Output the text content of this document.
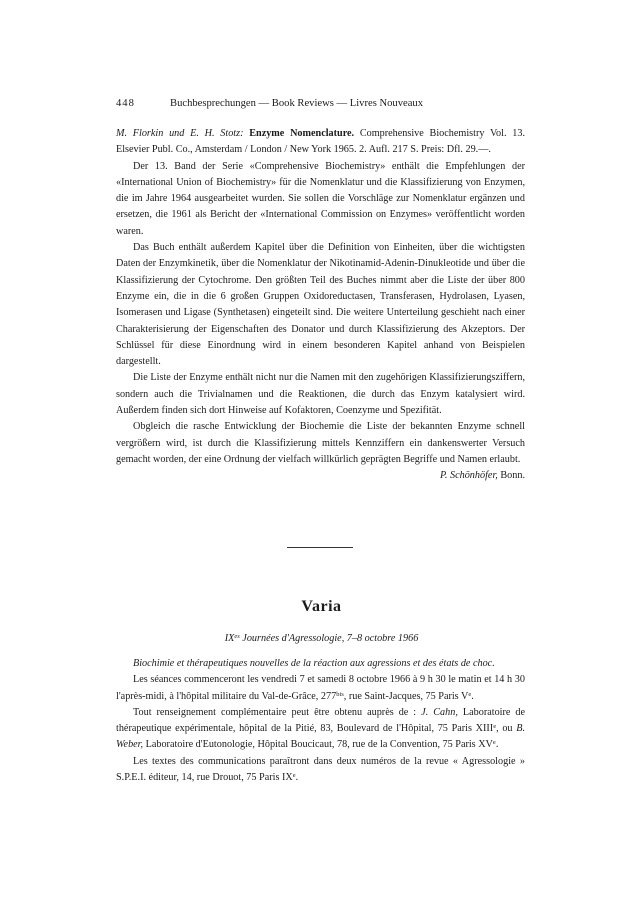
448	Buchbesprechungen — Book Reviews — Livres Nouveaux

M. Florkin und E. H. Stotz: Enzyme Nomenclature. Comprehensive Biochemistry Vol. 13. Elsevier Publ. Co., Amsterdam / London / New York 1965. 2. Aufl. 217 S. Preis: Dfl. 29.—.

Der 13. Band der Serie «Comprehensive Biochemistry» enthält die Empfehlungen der «International Union of Biochemistry» für die Nomenklatur und die Klassifizierung von Enzymen, die im Jahre 1964 ausgearbeitet wurden. Sie sollen die Vorschläge zur Nomenklatur ergänzen und ersetzen, die 1961 als Bericht der «International Commission on Enzymes» veröffentlicht worden waren.

Das Buch enthält außerdem Kapitel über die Definition von Einheiten, über die wichtigsten Daten der Enzymkinetik, über die Nomenklatur der Nikotinamid-Adenin-Dinukleotide und über die Klassifizierung der Cytochrome. Den größten Teil des Buches nimmt aber die Liste der über 800 Enzyme ein, die in die 6 großen Gruppen Oxidoreductasen, Transferasen, Hydrolasen, Lyasen, Isomerasen und Ligase (Synthetasen) eingeteilt sind. Die weitere Unterteilung geschieht nach einer Charakterisierung der Eigenschaften des Donator und durch Klassifizierung des Akzeptors. Der Schlüssel für diese Einordnung wird in einem besonderen Kapitel anhand von Beispielen dargestellt.

Die Liste der Enzyme enthält nicht nur die Namen mit den zugehörigen Klassifizierungsziffern, sondern auch die Trivialnamen und die Reaktionen, die durch das Enzym katalysiert wird. Außerdem finden sich dort Hinweise auf Kofaktoren, Coenzyme und Spezifität.

Obgleich die rasche Entwicklung der Biochemie die Liste der bekannten Enzyme schnell vergrößern wird, ist durch die Klassifizierung mittels Kennziffern ein dankenswerter Versuch gemacht worden, der eine Ordnung der vielfach willkürlich geprägten Begriffe und Namen erlaubt.

P. Schönhöfer, Bonn.
Varia
$IX^{es}$ Journées d'Agressologie, 7–8 octobre 1966

Biochimie et thérapeutiques nouvelles de la réaction aux agressions et des états de choc.

Les séances commenceront les vendredi 7 et samedi 8 octobre 1966 à 9 h 30 le matin et 14 h 30 l'après-midi, à l'hôpital militaire du Val-de-Grâce, $277^{bis}$, rue Saint-Jacques, 75 Paris Ve.

Tout renseignement complémentaire peut être obtenu auprès de : J. Cahn, Laboratoire de thérapeutique expérimentale, hôpital de la Pitié, 83, Boulevard de l'Hôpital, 75 Paris XIIIe, ou B. Weber, Laboratoire d'Eutonologie, Hôpital Boucicaut, 78, rue de la Convention, 75 Paris XVe.

Les textes des communications paraîtront dans deux numéros de la revue « Agressologie » S.P.E.I. éditeur, 14, rue Drouot, 75 Paris IXe.
